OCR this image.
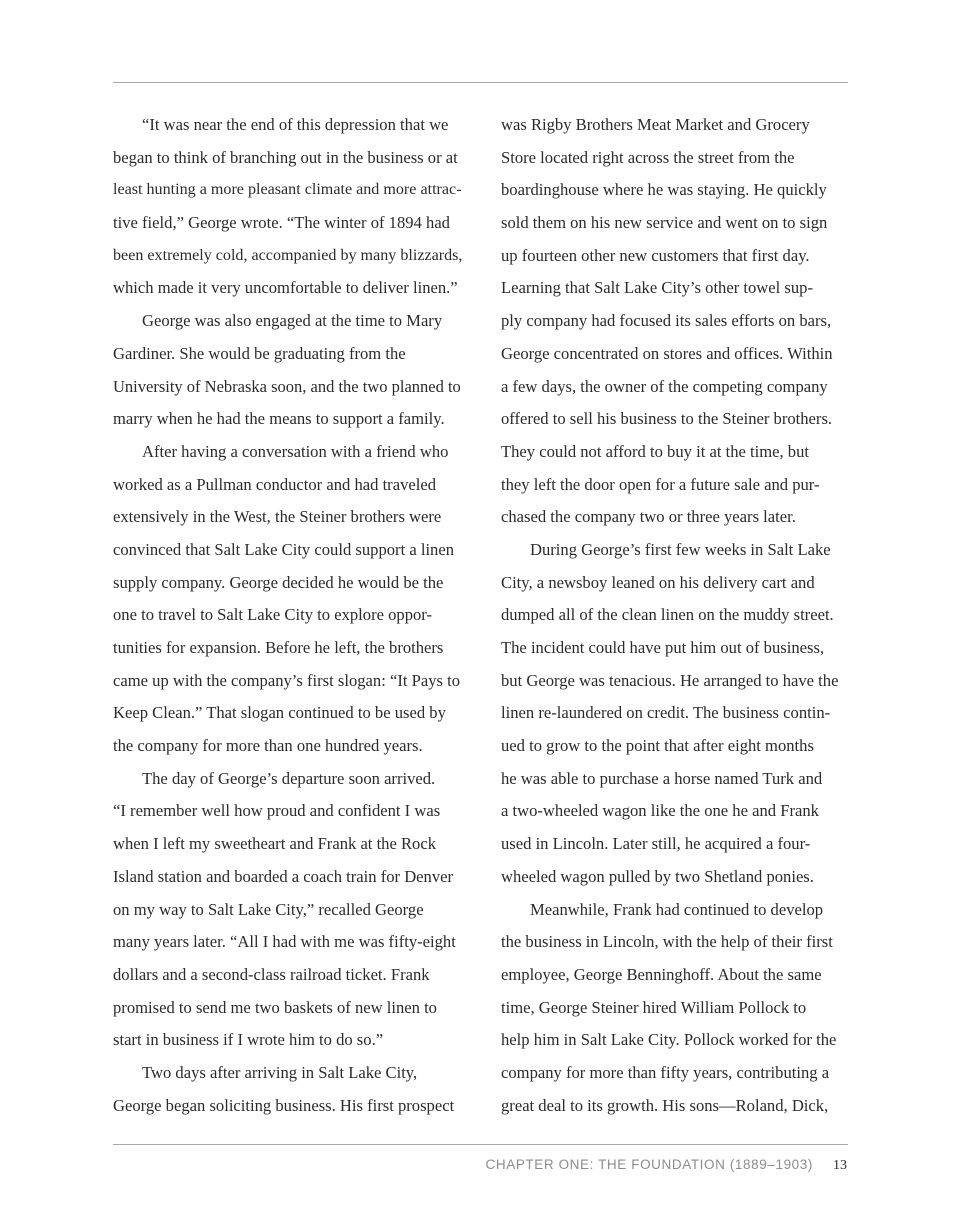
“It was near the end of this depression that we
began to think of branching out in the business or at
least hunting a more pleasant climate and more attrac-
tive field,” George wrote. “The winter of 1894 had
been extremely cold, accompanied by many blizzards,
which made it very uncomfortable to deliver linen.”
George was also engaged at the time to Mary
Gardiner. She would be graduating from the
University of Nebraska soon, and the two planned to
marry when he had the means to support a family.
After having a conversation with a friend who
worked as a Pullman conductor and had traveled
extensively in the West, the Steiner brothers were
convinced that Salt Lake City could support a linen
supply company. George decided he would be the
one to travel to Salt Lake City to explore oppor-
tunities for expansion. Before he left, the brothers
came up with the company’s first slogan: “It Pays to
Keep Clean.” That slogan continued to be used by
the company for more than one hundred years.
The day of George’s departure soon arrived.
“I remember well how proud and confident I was
when I left my sweetheart and Frank at the Rock
Island station and boarded a coach train for Denver
on my way to Salt Lake City,” recalled George
many years later. “All I had with me was fifty-eight
dollars and a second-class railroad ticket. Frank
promised to send me two baskets of new linen to
start in business if I wrote him to do so.”
Two days after arriving in Salt Lake City,
George began soliciting business. His first prospect
was Rigby Brothers Meat Market and Grocery
Store located right across the street from the
boardinghouse where he was staying. He quickly
sold them on his new service and went on to sign
up fourteen other new customers that first day.
Learning that Salt Lake City’s other towel sup-
ply company had focused its sales efforts on bars,
George concentrated on stores and offices. Within
a few days, the owner of the competing company
offered to sell his business to the Steiner brothers.
They could not afford to buy it at the time, but
they left the door open for a future sale and pur-
chased the company two or three years later.
During George’s first few weeks in Salt Lake
City, a newsboy leaned on his delivery cart and
dumped all of the clean linen on the muddy street.
The incident could have put him out of business,
but George was tenacious. He arranged to have the
linen re-laundered on credit. The business contin-
ued to grow to the point that after eight months
he was able to purchase a horse named Turk and
a two-wheeled wagon like the one he and Frank
used in Lincoln. Later still, he acquired a four-
wheeled wagon pulled by two Shetland ponies.
Meanwhile, Frank had continued to develop
the business in Lincoln, with the help of their first
employee, George Benninghoff. About the same
time, George Steiner hired William Pollock to
help him in Salt Lake City. Pollock worked for the
company for more than fifty years, contributing a
great deal to its growth. His sons—Roland, Dick,
CHAPTER ONE: THE FOUNDATION (1889–1903) 13
